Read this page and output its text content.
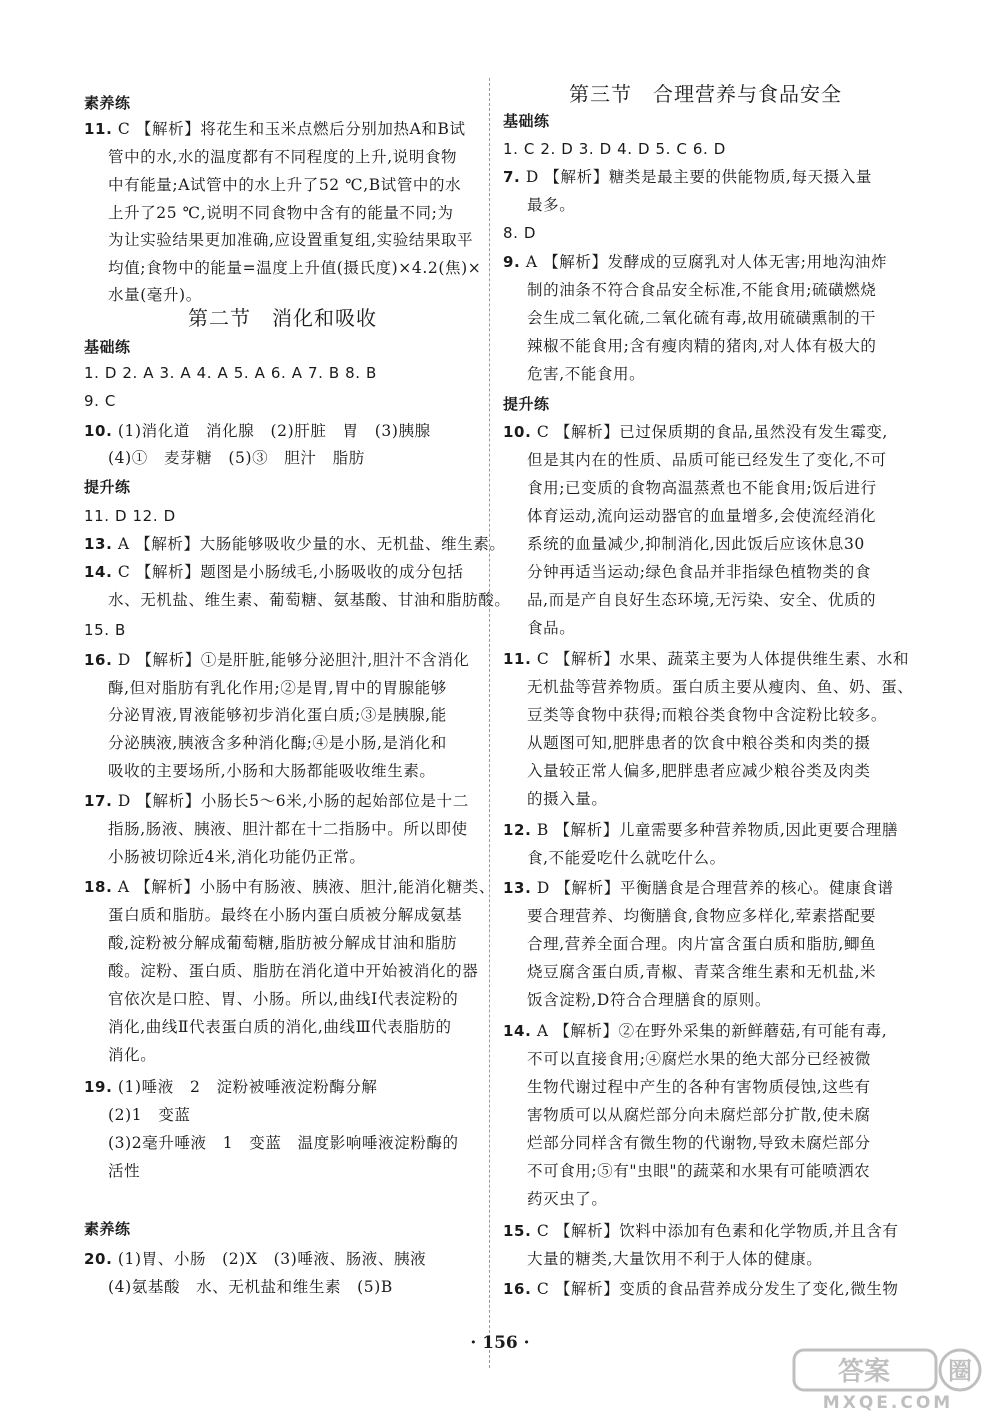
素养练
11. C 【解析】将花生和玉米点燃后分别加热A和B试
管中的水,水的温度都有不同程度的上升,说明食物
中有能量;A试管中的水上升了52 ℃,B试管中的水
上升了25 ℃,说明不同食物中含有的能量不同;为
为让实验结果更加准确,应设置重复组,实验结果取平
均值;食物中的能量=温度上升值(摄氏度)×4.2(焦)×
水量(毫升)。
第二节　消化和吸收
基础练
1. D 2. A 3. A 4. A 5. A 6. A 7. B 8. B
9. C
10. (1)消化道　消化腺　(2)肝脏　胃　(3)胰腺
(4)①　麦芽糖　(5)③　胆汁　脂肪
提升练
11. D 12. D
13. A 【解析】大肠能够吸收少量的水、无机盐、维生素。
14. C 【解析】题图是小肠绒毛,小肠吸收的成分包括
水、无机盐、维生素、葡萄糖、氨基酸、甘油和脂肪酸。
15. B
16. D 【解析】①是肝脏,能够分泌胆汁,胆汁不含消化
酶,但对脂肪有乳化作用;②是胃,胃中的胃腺能够
分泌胃液,胃液能够初步消化蛋白质;③是胰腺,能
分泌胰液,胰液含多种消化酶;④是小肠,是消化和
吸收的主要场所,小肠和大肠都能吸收维生素。
17. D 【解析】小肠长5～6米,小肠的起始部位是十二
指肠,肠液、胰液、胆汁都在十二指肠中。所以即使
小肠被切除近4米,消化功能仍正常。
18. A 【解析】小肠中有肠液、胰液、胆汁,能消化糖类、
蛋白质和脂肪。最终在小肠内蛋白质被分解成氨基
酸,淀粉被分解成葡萄糖,脂肪被分解成甘油和脂肪
酸。淀粉、蛋白质、脂肪在消化道中开始被消化的器
官依次是口腔、胃、小肠。所以,曲线Ⅰ代表淀粉的
消化,曲线Ⅱ代表蛋白质的消化,曲线Ⅲ代表脂肪的
消化。
19. (1)唾液　2　淀粉被唾液淀粉酶分解
(2)1　变蓝
(3)2毫升唾液　1　变蓝　温度影响唾液淀粉酶的
活性
素养练
20. (1)胃、小肠　(2)X　(3)唾液、肠液、胰液
(4)氨基酸　水、无机盐和维生素　(5)B
第三节　合理营养与食品安全
基础练
1. C 2. D 3. D 4. D 5. C 6. D
7. D 【解析】糖类是最主要的供能物质,每天摄入量
最多。
8. D
9. A 【解析】发酵成的豆腐乳对人体无害;用地沟油炸
制的油条不符合食品安全标准,不能食用;硫磺燃烧
会生成二氧化硫,二氧化硫有毒,故用硫磺熏制的干
辣椒不能食用;含有瘦肉精的猪肉,对人体有极大的
危害,不能食用。
提升练
10. C 【解析】已过保质期的食品,虽然没有发生霉变,
但是其内在的性质、品质可能已经发生了变化,不可
食用;已变质的食物高温蒸煮也不能食用;饭后进行
体育运动,流向运动器官的血量增多,会使流经消化
系统的血量减少,抑制消化,因此饭后应该休息30
分钟再适当运动;绿色食品并非指绿色植物类的食
品,而是产自良好生态环境,无污染、安全、优质的
食品。
11. C 【解析】水果、蔬菜主要为人体提供维生素、水和
无机盐等营养物质。蛋白质主要从瘦肉、鱼、奶、蛋、
豆类等食物中获得;而粮谷类食物中含淀粉比较多。
从题图可知,肥胖患者的饮食中粮谷类和肉类的摄
入量较正常人偏多,肥胖患者应减少粮谷类及肉类
的摄入量。
12. B 【解析】儿童需要多种营养物质,因此更要合理膳
食,不能爱吃什么就吃什么。
13. D 【解析】平衡膳食是合理营养的核心。健康食谱
要合理营养、均衡膳食,食物应多样化,荤素搭配要
合理,营养全面合理。肉片富含蛋白质和脂肪,鲫鱼
烧豆腐含蛋白质,青椒、青菜含维生素和无机盐,米
饭含淀粉,D符合合理膳食的原则。
14. A 【解析】②在野外采集的新鲜蘑菇,有可能有毒,
不可以直接食用;④腐烂水果的绝大部分已经被微
生物代谢过程中产生的各种有害物质侵蚀,这些有
害物质可以从腐烂部分向未腐烂部分扩散,使未腐
烂部分同样含有微生物的代谢物,导致未腐烂部分
不可食用;⑤有"虫眼"的蔬菜和水果有可能喷洒农
药灭虫了。
15. C 【解析】饮料中添加有色素和化学物质,并且含有
大量的糖类,大量饮用不利于人体的健康。
16. C 【解析】变质的食品营养成分发生了变化,微生物
· 156 ·
答案 圈
MXQE.COM
